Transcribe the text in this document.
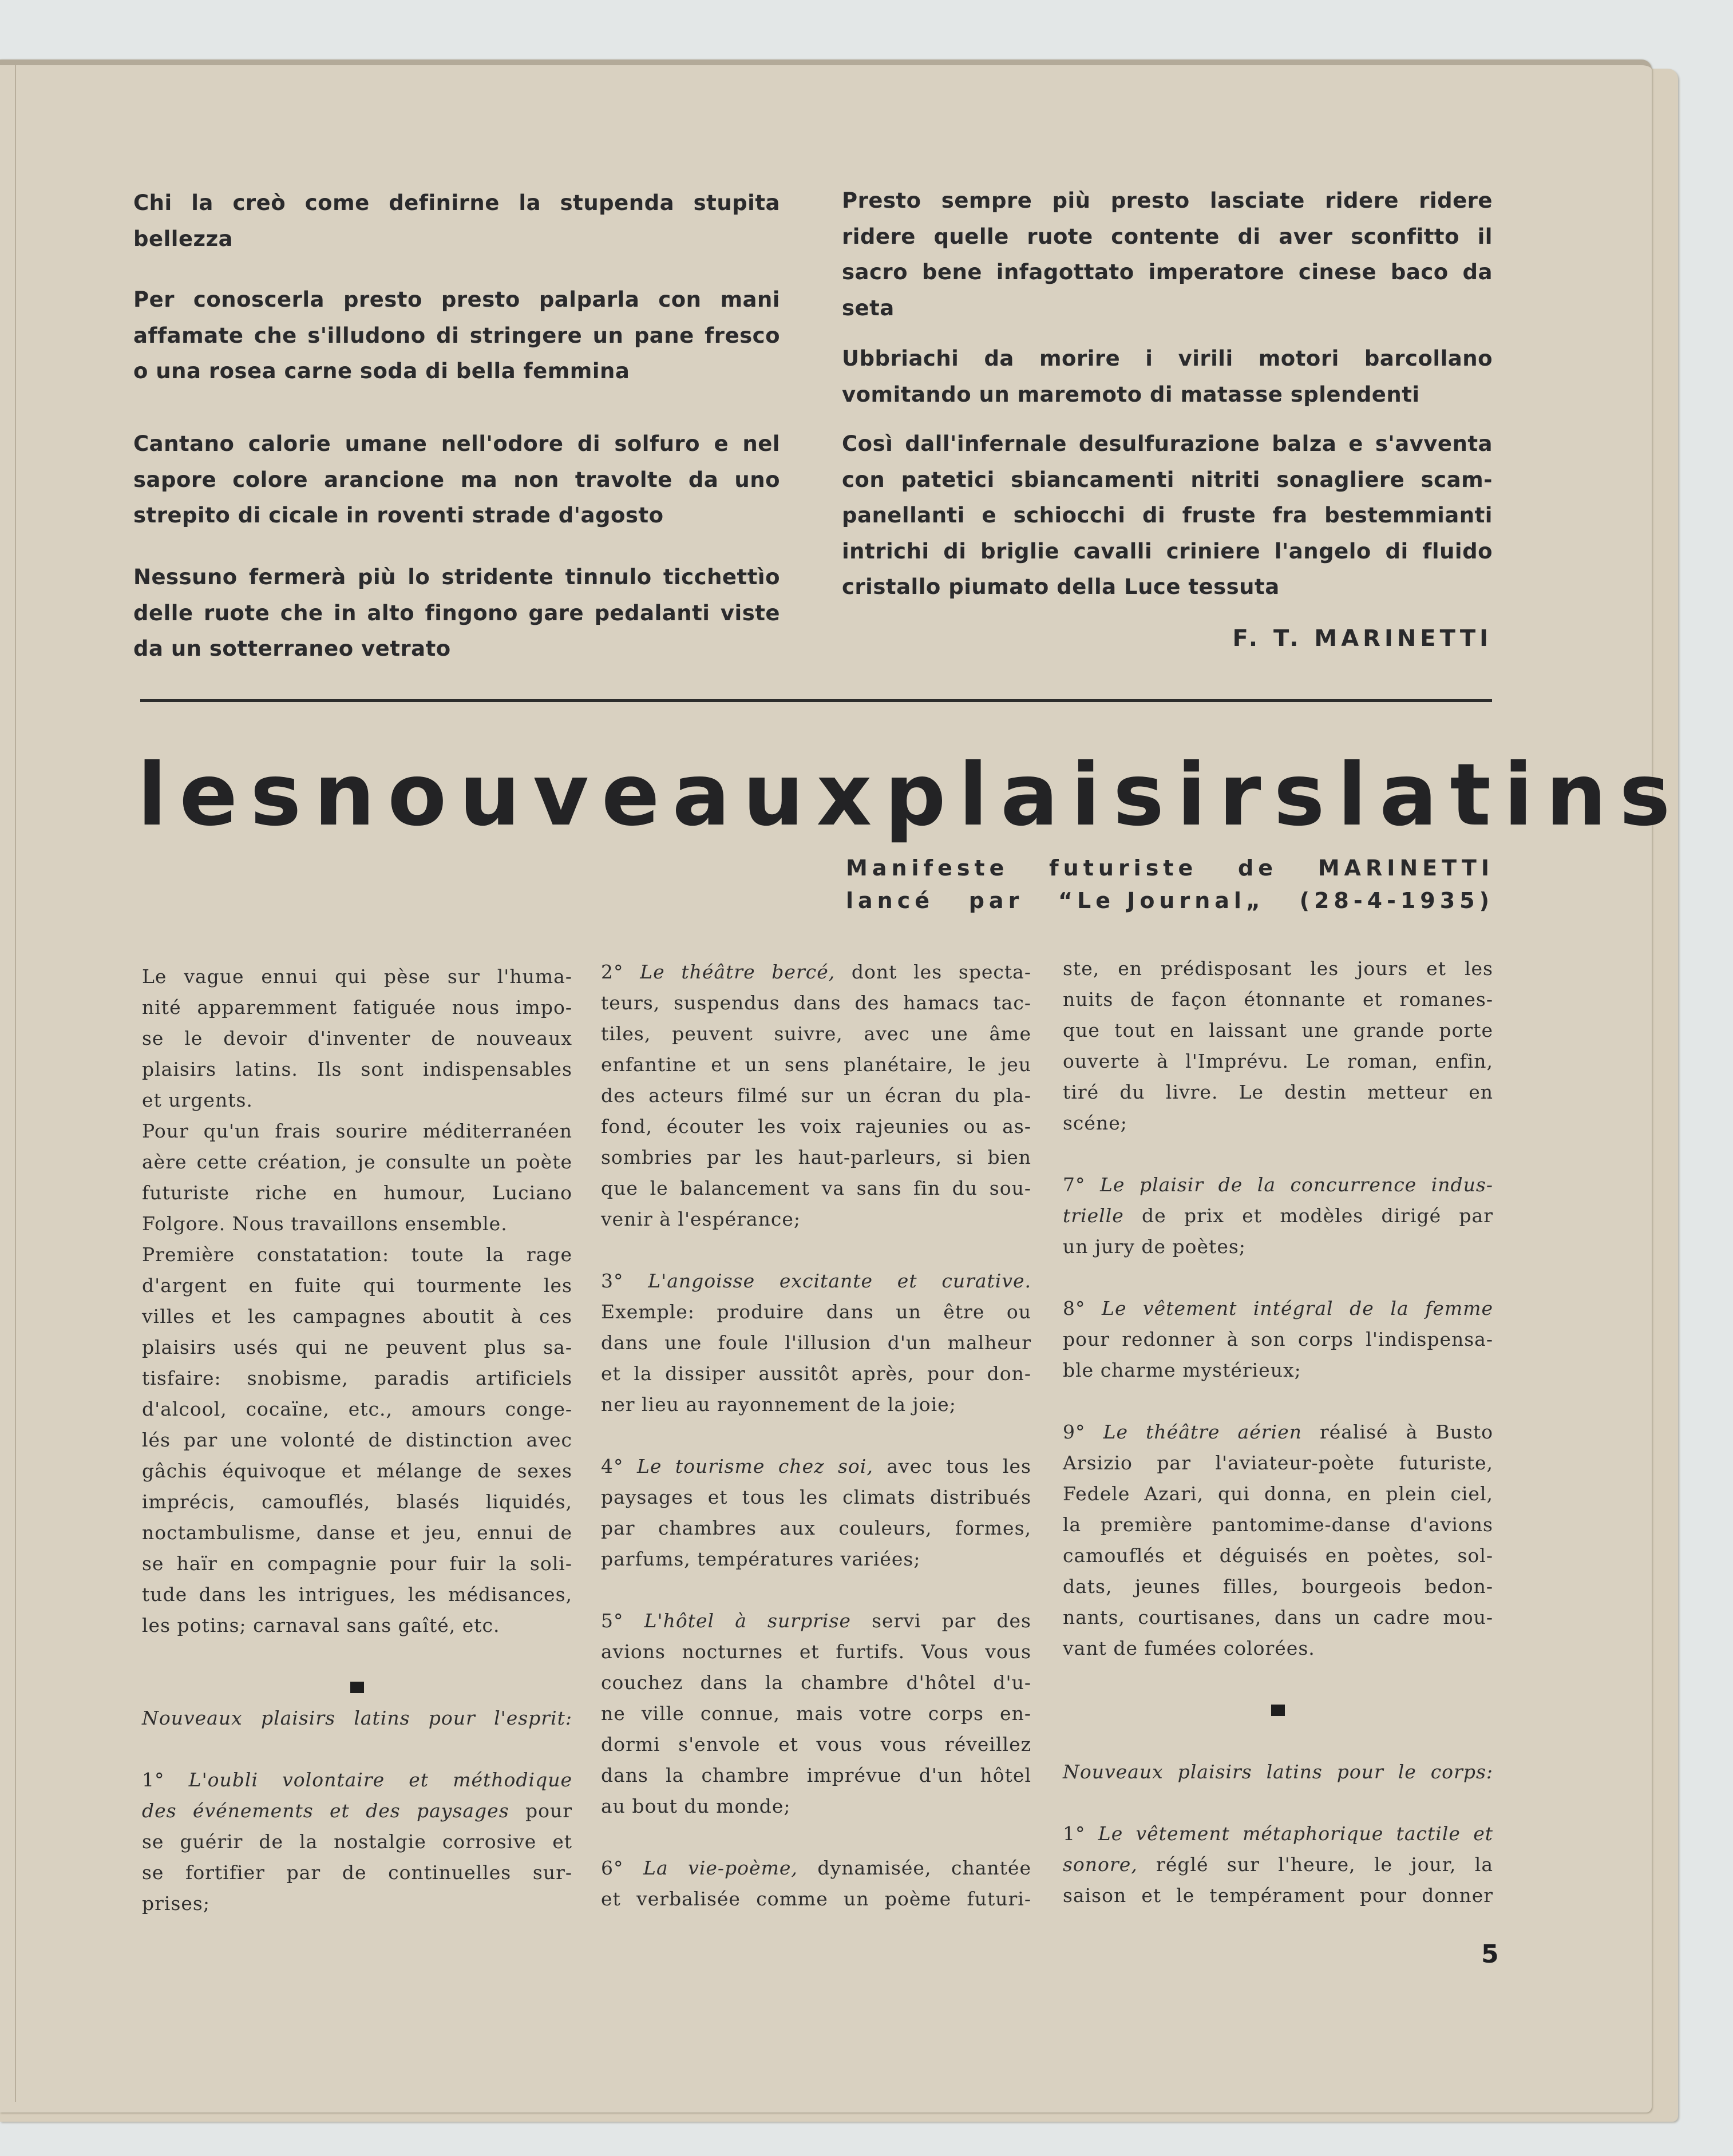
Chi la creò come definirne la stupenda stupita
bellezza
Per conoscerla presto presto palparla con mani
affamate che s'illudono di stringere un pane fresco
o una rosea carne soda di bella femmina
Cantano calorie umane nell'odore di solfuro e nel
sapore colore arancione ma non travolte da uno
strepito di cicale in roventi strade d'agosto
Nessuno fermerà più lo stridente tinnulo ticchettìo
delle ruote che in alto fingono gare pedalanti viste
da un sotterraneo vetrato
Presto sempre più presto lasciate ridere ridere
ridere quelle ruote contente di aver sconfitto il
sacro bene infagottato imperatore cinese baco da
seta
Ubbriachi da morire i virili motori barcollano
vomitando un maremoto di matasse splendenti
Così dall'infernale desulfurazione balza e s'avventa
con patetici sbiancamenti nitriti sonagliere scam-
panellanti e schiocchi di fruste fra bestemmianti
intrichi di briglie cavalli criniere l'angelo di fluido
cristallo piumato della Luce tessuta
F. T. MARINETTI
les nouveaux plaisirs latins
Manifeste futuriste de MARINETTI
lancé par “Le Journal„ (28-4-1935)
Le vague ennui qui pèse sur l'huma-
nité apparemment fatiguée nous impo-
se le devoir d'inventer de nouveaux
plaisirs latins. Ils sont indispensables
et urgents.
Pour qu'un frais sourire méditerranéen
aère cette création, je consulte un poète
futuriste riche en humour, Luciano
Folgore. Nous travaillons ensemble.
Première constatation: toute la rage
d'argent en fuite qui tourmente les
villes et les campagnes aboutit à ces
plaisirs usés qui ne peuvent plus sa-
tisfaire: snobisme, paradis artificiels
d'alcool, cocaïne, etc., amours conge-
lés par une volonté de distinction avec
gâchis équivoque et mélange de sexes
imprécis, camouflés, blasés liquidés,
noctambulisme, danse et jeu, ennui de
se haïr en compagnie pour fuir la soli-
tude dans les intrigues, les médisances,
les potins; carnaval sans gaîté, etc.
Nouveaux plaisirs latins pour l'esprit:
1° L'oubli volontaire et méthodique
des événements et des paysages pour
se guérir de la nostalgie corrosive et
se fortifier par de continuelles sur-
prises;
2° Le théâtre bercé, dont les specta-
teurs, suspendus dans des hamacs tac-
tiles, peuvent suivre, avec une âme
enfantine et un sens planétaire, le jeu
des acteurs filmé sur un écran du pla-
fond, écouter les voix rajeunies ou as-
sombries par les haut-parleurs, si bien
que le balancement va sans fin du sou-
venir à l'espérance;
3° L'angoisse excitante et curative.
Exemple: produire dans un être ou
dans une foule l'illusion d'un malheur
et la dissiper aussitôt après, pour don-
ner lieu au rayonnement de la joie;
4° Le tourisme chez soi, avec tous les
paysages et tous les climats distribués
par chambres aux couleurs, formes,
parfums, températures variées;
5° L'hôtel à surprise servi par des
avions nocturnes et furtifs. Vous vous
couchez dans la chambre d'hôtel d'u-
ne ville connue, mais votre corps en-
dormi s'envole et vous vous réveillez
dans la chambre imprévue d'un hôtel
au bout du monde;
6° La vie-poème, dynamisée, chantée
et verbalisée comme un poème futuri-
ste, en prédisposant les jours et les
nuits de façon étonnante et romanes-
que tout en laissant une grande porte
ouverte à l'Imprévu. Le roman, enfin,
tiré du livre. Le destin metteur en
scéne;
7° Le plaisir de la concurrence indus-
trielle de prix et modèles dirigé par
un jury de poètes;
8° Le vêtement intégral de la femme
pour redonner à son corps l'indispensa-
ble charme mystérieux;
9° Le théâtre aérien réalisé à Busto
Arsizio par l'aviateur-poète futuriste,
Fedele Azari, qui donna, en plein ciel,
la première pantomime-danse d'avions
camouflés et déguisés en poètes, sol-
dats, jeunes filles, bourgeois bedon-
nants, courtisanes, dans un cadre mou-
vant de fumées colorées.
Nouveaux plaisirs latins pour le corps:
1° Le vêtement métaphorique tactile et
sonore, réglé sur l'heure, le jour, la
saison et le tempérament pour donner
5
